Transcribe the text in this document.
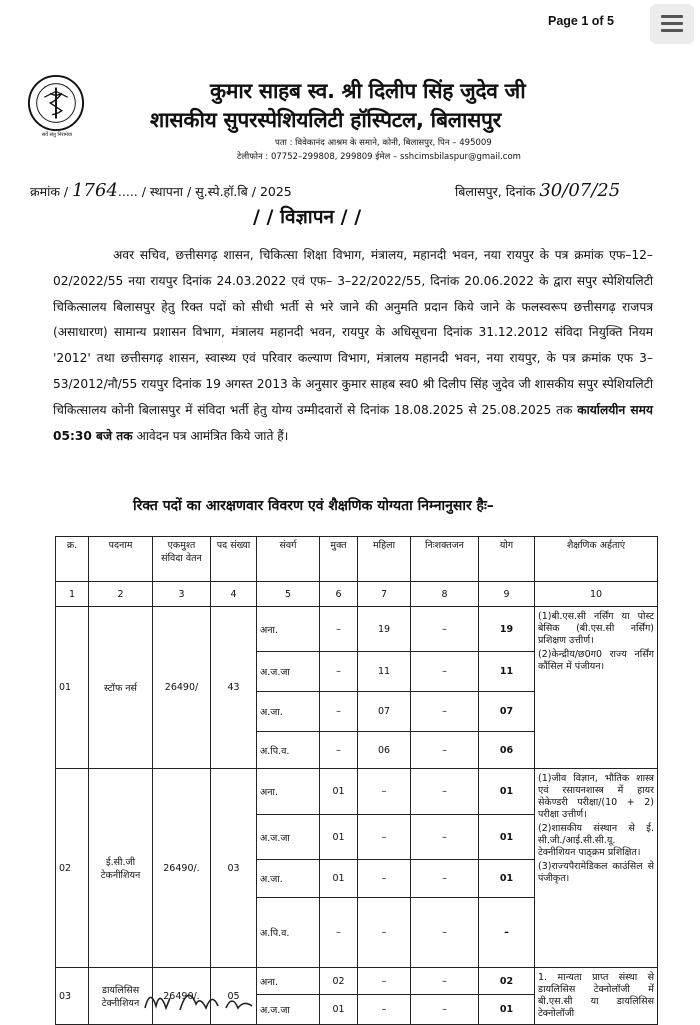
Page 1 of 5
सर्वे संतु निरामया
कुमार साहब स्व. श्री दिलीप सिंह जुदेव जी
शासकीय सुपरस्पेशियलिटी हॉस्पिटल, बिलासपुर
पता : विवेकानंद आश्रम के समाने, कोनी, बिलासपुर, पिन – 495009
टेलीफोन : 07752–299808, 299809 ईमेल – sshcimsbilaspur@gmail.com
क्रमांक / 1764..... / स्थापना / सु.स्पे.हॉ.बि / 2025	बिलासपुर, दिनांक 30/07/25
/ / विज्ञापन / /

अवर सचिव, छत्तीसगढ़ शासन, चिकित्सा शिक्षा विभाग, मंत्रालय, महानदी भवन, नया रायपुर के पत्र क्रमांक एफ–12–02/2022/55 नया रायपुर दिनांक 24.03.2022 एवं एफ– 3–22/2022/55, दिनांक 20.06.2022 के द्वारा सपुर स्पेशियलिटी चिकित्सालय बिलासपुर हेतु रिक्त पदों को सीधी भर्ती से भरे जाने की अनुमति प्रदान किये जाने के फलस्वरूप छत्तीसगढ़ राजपत्र (असाधारण) सामान्य प्रशासन विभाग, मंत्रालय महानदी भवन, रायपुर के अधिसूचना दिनांक 31.12.2012 संविदा नियुक्ति नियम '2012' तथा छत्तीसगढ़ शासन, स्वास्थ्य एवं परिवार कल्याण विभाग, मंत्रालय महानदी भवन, नया रायपुर, के पत्र क्रमांक एफ 3–53/2012/नौ/55 रायपुर दिनांक 19 अगस्त 2013 के अनुसार कुमार साहब स्व0 श्री दिलीप सिंह जुदेव जी शासकीय सपुर स्पेशियलिटी चिकित्सालय कोनी बिलासपुर में संविदा भर्ती हेतु योग्य उम्मीदवारों से दिनांक 18.08.2025 से 25.08.2025 तक कार्यालयीन समय 05:30 बजे तक आवेदन पत्र आमंत्रित किये जाते हैं।

रिक्त पदों का आरक्षणवार विवरण एवं शैक्षणिक योग्यता निम्नानुसार हैः–
क्र.	पदनाम	एकमुश्त संविदा वेतन	पद संख्या	संवर्ग	मुक्त	महिला	निःशक्तजन	योग	शैक्षणिक अर्हताएं
1	2	3	4	5	6	7	8	9	10
01	स्टॉफ नर्स	26490/	43	अना.	–	19	–	19	(1)बी.एस.सी नर्सिंग या पोस्ट बेसिक (बी.एस.सी नर्सिंग) प्रशिक्षण उत्तीर्ण।

(2)केन्द्रीय/छ0ग0 राज्य नर्सिंग कौंसिल में पंजीयन।

				अ.ज.जा	–	11	–	11	
				अ.जा.	–	07	–	07	
				अ.पि.व.	–	06	–	06	
02	ई.सी.जी टेकनीशियन	26490/.	03	अना.	01	–	–	01	(1)जीव विज्ञान, भौतिक शास्त्र एवं रसायनशास्त्र में हायर सेकेण्डरी परीक्षा/(10 + 2) परीक्षा उत्तीर्ण।

(2)शासकीय संस्थान से ई. सी.जी./आई.सी.सी.यू. टेक्नीशियन पाठ्क्रम प्रशिक्षित।

(3)राज्यपैरामेडिकल काउंसिल से पंजीकृत।

				अ.ज.जा	01	–	–	01	
				अ.जा.	01	–	–	01	
				अ.पि.व.	–	–	–	–	
03	डायलिसिस टेक्नीशियन	26490/.	05	अना.	02	–	–	02	1. मान्यता प्राप्त संस्था से डायलिसिस टेक्नोलॉजी में बी.एस.सी या डायलिसिस टेक्नोलॉजी

				अ.ज.जा	01	–	–	01	
